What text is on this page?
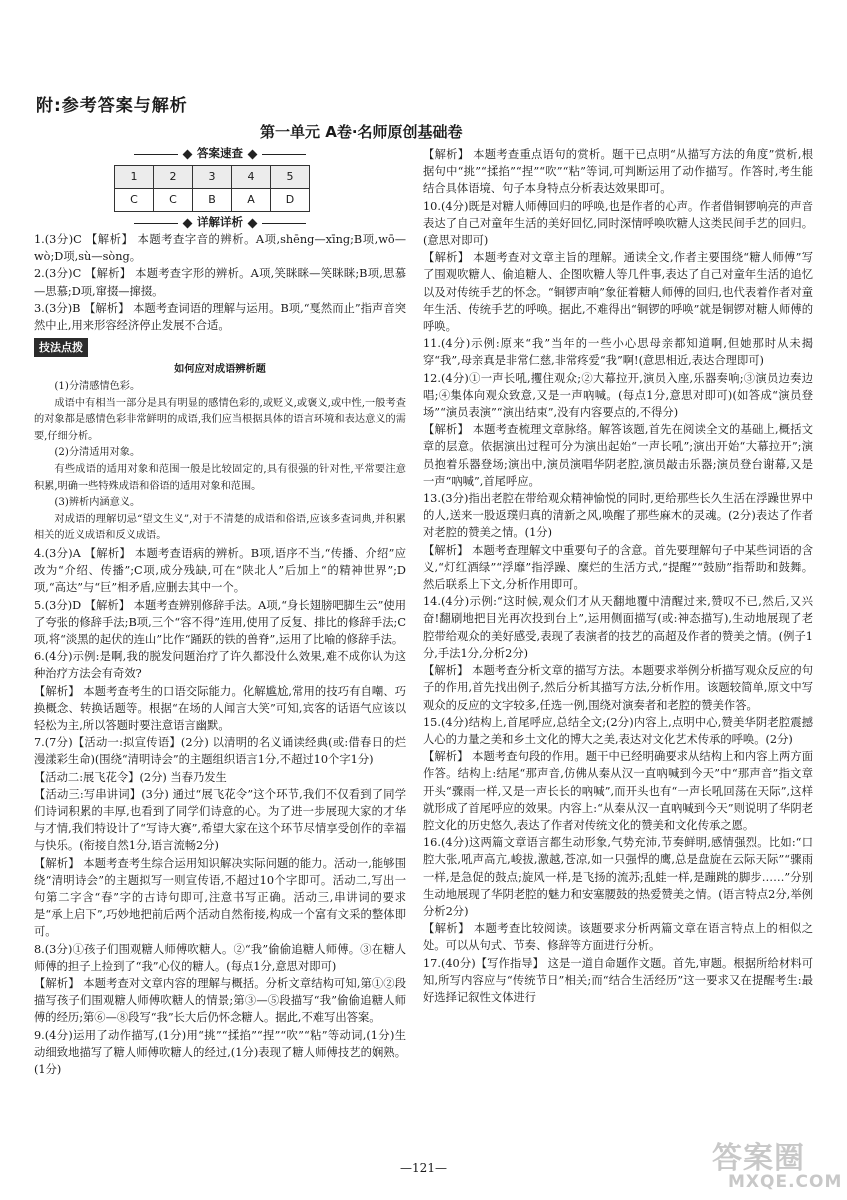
附:参考答案与解析
第一单元 A卷·名师原创基础卷
答案速查
1	2	3	4	5
C	C	B	A	D
详解详析

1.(3分)C 【解析】 本题考查字音的辨析。A项,shēng—xīng;B项,wō—wò;D项,sù—sòng。

2.(3分)C 【解析】 本题考查字形的辨析。A项,笑眯眯—笑眯眯;B项,思慕—思慕;D项,窜掇—撺掇。

3.(3分)B 【解析】 本题考查词语的理解与运用。B项,“戛然而止”指声音突然中止,用来形容经济停止发展不合适。

技法点拨

如何应对成语辨析题

(1)分清感情色彩。

成语中有相当一部分是具有明显的感情色彩的,或贬义,或褒义,或中性,一般考查的对象都是感情色彩非常鲜明的成语,我们应当根据具体的语言环境和表达意义的需要,仔细分析。

(2)分清适用对象。

有些成语的适用对象和范围一般是比较固定的,具有很强的针对性,平常要注意积累,明确一些特殊成语和俗语的适用对象和范围。

(3)辨析内涵意义。

对成语的理解切忌“望文生义”,对于不清楚的成语和俗语,应该多查词典,并积累相关的近义成语和反义成语。

4.(3分)A 【解析】 本题考查语病的辨析。B项,语序不当,“传播、介绍”应改为“介绍、传播”;C项,成分残缺,可在“陕北人”后加上“的精神世界”;D项,“高达”与“巨”相矛盾,应删去其中一个。

5.(3分)D 【解析】 本题考查辨别修辞手法。A项,“身长翅膀吧脚生云”使用了夸张的修辞手法;B项,三个“容不得”连用,使用了反复、排比的修辞手法;C项,将“淡黑的起伏的连山”比作“踊跃的铁的兽脊”,运用了比喻的修辞手法。

6.(4分)示例:是啊,我的脱发问题治疗了许久都没什么效果,难不成你认为这种治疗方法会有奇效?

【解析】 本题考查考生的口语交际能力。化解尴尬,常用的技巧有自嘲、巧换概念、转换话题等。根据“在场的人闻言大笑”可知,宾客的话语气应该以轻松为主,所以答题时要注意语言幽默。

7.(7分)【活动一:拟宣传语】(2分) 以清明的名义诵读经典(或:借春日的烂漫漾彩生命)(围绕“清明诗会”的主题组织语言1分,不超过10个字1分)

【活动二:展飞花令】(2分) 当春乃发生

【活动三:写串讲词】(3分) 通过“展飞花令”这个环节,我们不仅看到了同学们诗词积累的丰厚,也看到了同学们诗意的心。为了进一步展现大家的才华与才情,我们特设计了“写诗大赛”,希望大家在这个环节尽情享受创作的幸福与快乐。(衔接自然1分,语言流畅2分)

【解析】 本题考查考生综合运用知识解决实际问题的能力。活动一,能够围绕“清明诗会”的主题拟写一则宣传语,不超过10个字即可。活动二,写出一句第二字含“春”字的古诗句即可,注意书写正确。活动三,串讲词的要求是“承上启下”,巧妙地把前后两个活动自然衔接,构成一个富有文采的整体即可。

8.(3分)①孩子们围观糖人师傅吹糖人。②“我”偷偷追糖人师傅。③在糖人师傅的担子上捡到了“我”心仪的糖人。(每点1分,意思对即可)

【解析】 本题考查对文章内容的理解与概括。分析文章结构可知,第①②段描写孩子们围观糖人师傅吹糖人的情景;第③—⑤段描写“我”偷偷追糖人师傅的经历;第⑥—⑧段写“我”长大后仍怀念糖人。据此,不难写出答案。

9.(4分)运用了动作描写,(1分)用“挑”“揉掐”“捏”“吹”“粘”等动词,(1分)生动细致地描写了糖人师傅吹糖人的经过,(1分)表现了糖人师傅技艺的娴熟。(1分)

【解析】 本题考查重点语句的赏析。题干已点明“从描写方法的角度”赏析,根据句中“挑”“揉掐”“捏”“吹”“粘”等词,可判断运用了动作描写。作答时,考生能结合具体语境、句子本身特点分析表达效果即可。

10.(4分)既是对糖人师傅回归的呼唤,也是作者的心声。作者借铜锣响亮的声音表达了自己对童年生活的美好回忆,同时深情呼唤吹糖人这类民间手艺的回归。(意思对即可)

【解析】 本题考查对文章主旨的理解。通读全文,作者主要围绕“糖人师傅”写了围观吹糖人、偷追糖人、企图吹糖人等几件事,表达了自己对童年生活的追忆以及对传统手艺的怀念。“铜锣声响”象征着糖人师傅的回归,也代表着作者对童年生活、传统手艺的呼唤。据此,不难得出“铜锣的呼唤”就是铜锣对糖人师傅的呼唤。

11.(4分)示例:原来“我”当年的一些小心思母亲都知道啊,但她那时从未揭穿“我”,母亲真是非常仁慈,非常疼爱“我”啊!(意思相近,表达合理即可)

12.(4分)①一声长吼,攫住观众;②大幕拉开,演员入座,乐器奏响;③演员边奏边唱;④集体向观众致意,又是一声吶喊。(每点1分,意思对即可)(如答成“演员登场”“演员表演”“演出结束”,没有内容要点的,不得分)

【解析】 本题考查梳理文章脉络。解答该题,首先在阅读全文的基础上,概括文章的层意。依据演出过程可分为演出起始“一声长吼”;演出开始“大幕拉开”;演员抱着乐器登场;演出中,演员演唱华阴老腔,演员敲击乐器;演员登台谢幕,又是一声“吶喊”,首尾呼应。

13.(3分)指出老腔在带给观众精神愉悦的同时,更给那些长久生活在浮躁世界中的人,送来一股返璞归真的清新之风,唤醒了那些麻木的灵魂。(2分)表达了作者对老腔的赞美之情。(1分)

【解析】 本题考查理解文中重要句子的含意。首先要理解句子中某些词语的含义,“灯红酒绿”“浮靡”指浮躁、糜烂的生活方式,“提醒”“鼓励”指帮助和鼓舞。然后联系上下文,分析作用即可。

14.(4分)示例:“这时候,观众们才从天翻地覆中清醒过来,赞叹不已,然后,又兴奋!翻刷地把目光再次投到台上”,运用侧面描写(或:神态描写),生动地展现了老腔带给观众的美好感受,表现了表演者的技艺的高超及作者的赞美之情。(例子1分,手法1分,分析2分)

【解析】 本题考查分析文章的描写方法。本题要求举例分析描写观众反应的句子的作用,首先找出例子,然后分析其描写方法,分析作用。该题较简单,原文中写观众的反应的文字较多,任选一例,围绕对演奏者和老腔的赞美作答。

15.(4分)结构上,首尾呼应,总结全文;(2分)内容上,点明中心,赞美华阴老腔震撼人心的力量之美和乡土文化的博大之美,表达对文化艺术传承的呼唤。(2分)

【解析】 本题考查句段的作用。题干中已经明确要求从结构上和内容上两方面作答。结构上:结尾“那声音,仿佛从秦从汉一直吶喊到今天”中“那声音”指文章开头“骤雨一样,又是一声长长的吶喊”,而开头也有“一声长吼回荡在天际”,这样就形成了首尾呼应的效果。内容上:“从秦从汉一直吶喊到今天”则说明了华阴老腔文化的历史悠久,表达了作者对传统文化的赞美和文化传承之愿。

16.(4分)这两篇文章语言都生动形象,气势充沛,节奏鲜明,感情强烈。比如:“口腔大张,吼声高亢,峻拔,激越,苍凉,如一只强悍的鹰,总是盘旋在云际天际”“骤雨一样,是急促的鼓点;旋风一样,是飞扬的流苏;乱蛙一样,是蹦跳的脚步……”分别生动地展现了华阴老腔的魅力和安塞腰鼓的热爱赞美之情。(语言特点2分,举例分析2分)

【解析】 本题考查比较阅读。该题要求分析两篇文章在语言特点上的相似之处。可以从句式、节奏、修辞等方面进行分析。

17.(40分)【写作指导】 这是一道自命题作文题。首先,审题。根据所给材料可知,所写内容应与“传统节日”相关;而“结合生活经历”这一要求又在提醒考生:最好选择记叙性文体进行

—121—	答案圈
MXQE.COM
